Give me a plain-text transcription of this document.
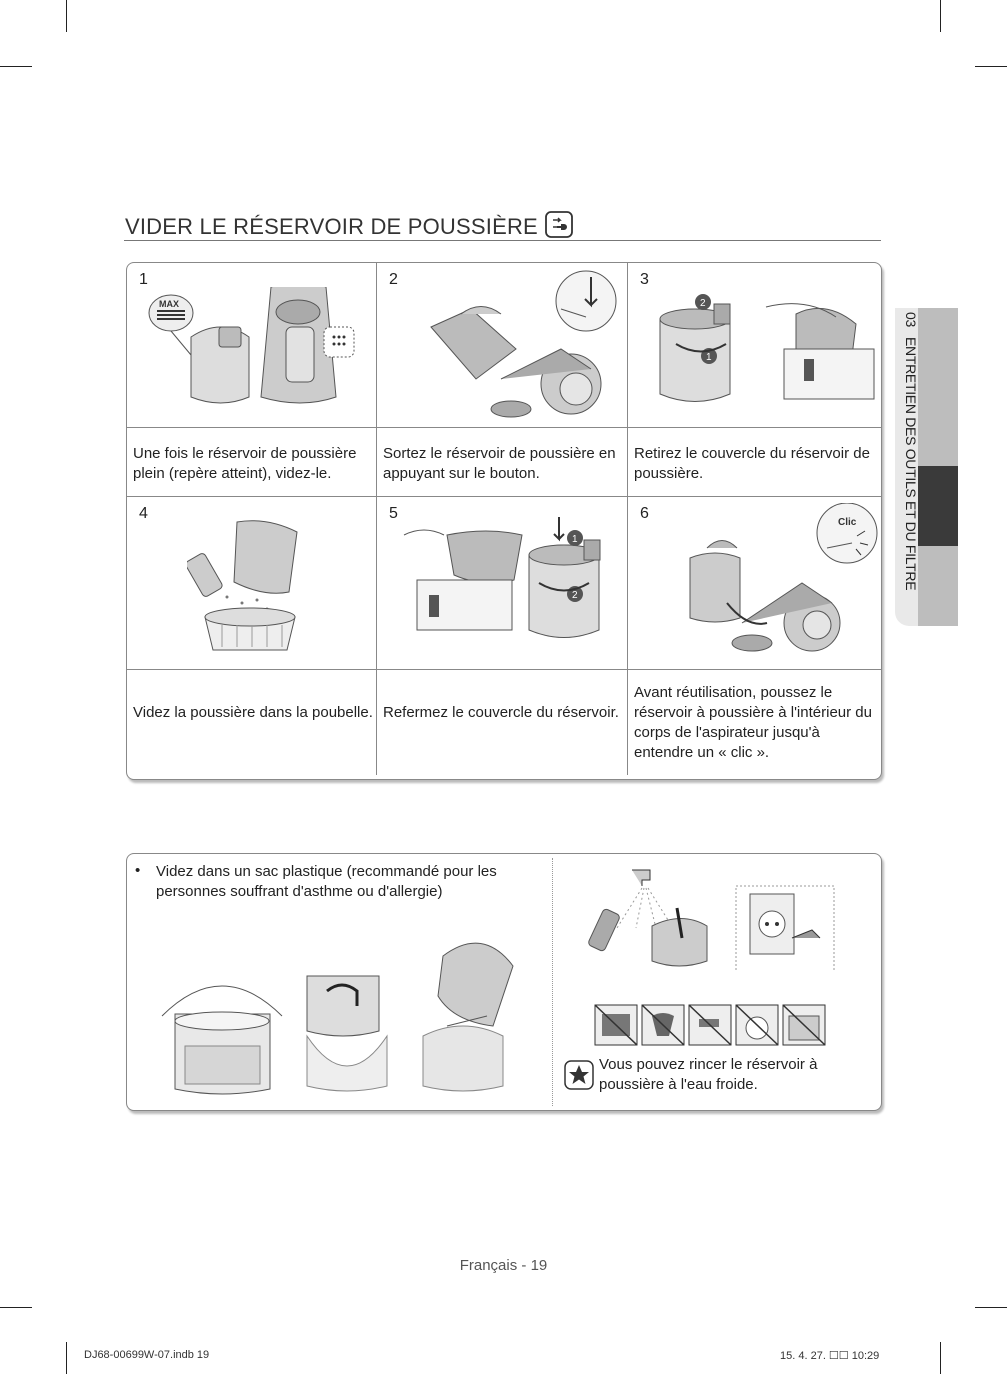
VIDER LE RÉSERVOIR DE POUSSIÈRE
03
ENTRETIEN DES OUTILS ET DU FILTRE
1
MAX
Une fois le réservoir de poussière plein (repère atteint), videz-le.
2
Sortez le réservoir de poussière en appuyant sur le bouton.
3
2
1
Retirez le couvercle du réservoir de poussière.
4
Videz la poussière dans la poubelle.
5
1
2
Refermez le couvercle du réservoir.
6
Clic
Avant réutilisation, poussez le réservoir à poussière à l'intérieur du corps de l'aspirateur jusqu'à entendre un « clic ».
• Videz dans un sac plastique (recommandé pour les personnes souffrant d'asthme ou d'allergie)
Vous pouvez rincer le réservoir à poussière à l'eau froide.
Français - 19
DJ68-00699W-07.indb 19	15. 4. 27. ☐☐ 10:29
